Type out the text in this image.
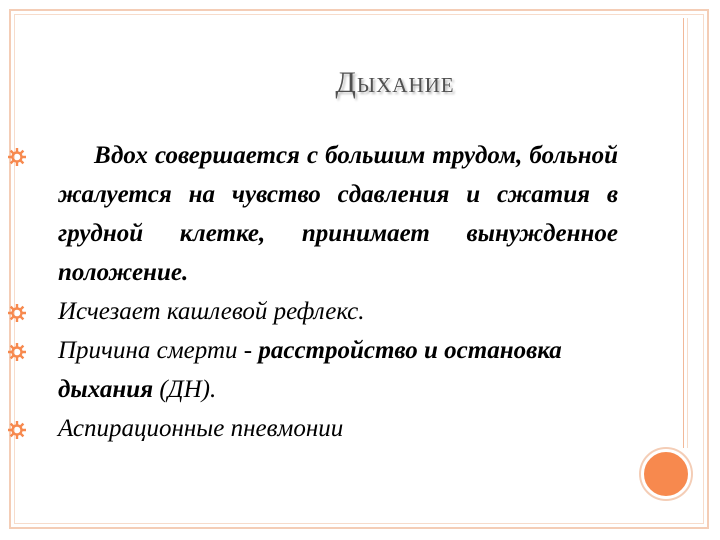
Дыхание

Вдох совершается с большим трудом, больной жалуется на чувство сдавления и сжатия в грудной клетке, принимает вынужденное положение.

Исчезает кашлевой рефлекс.

Причина смерти - расстройство и остановка дыхания (ДН).

Аспирационные пневмонии
